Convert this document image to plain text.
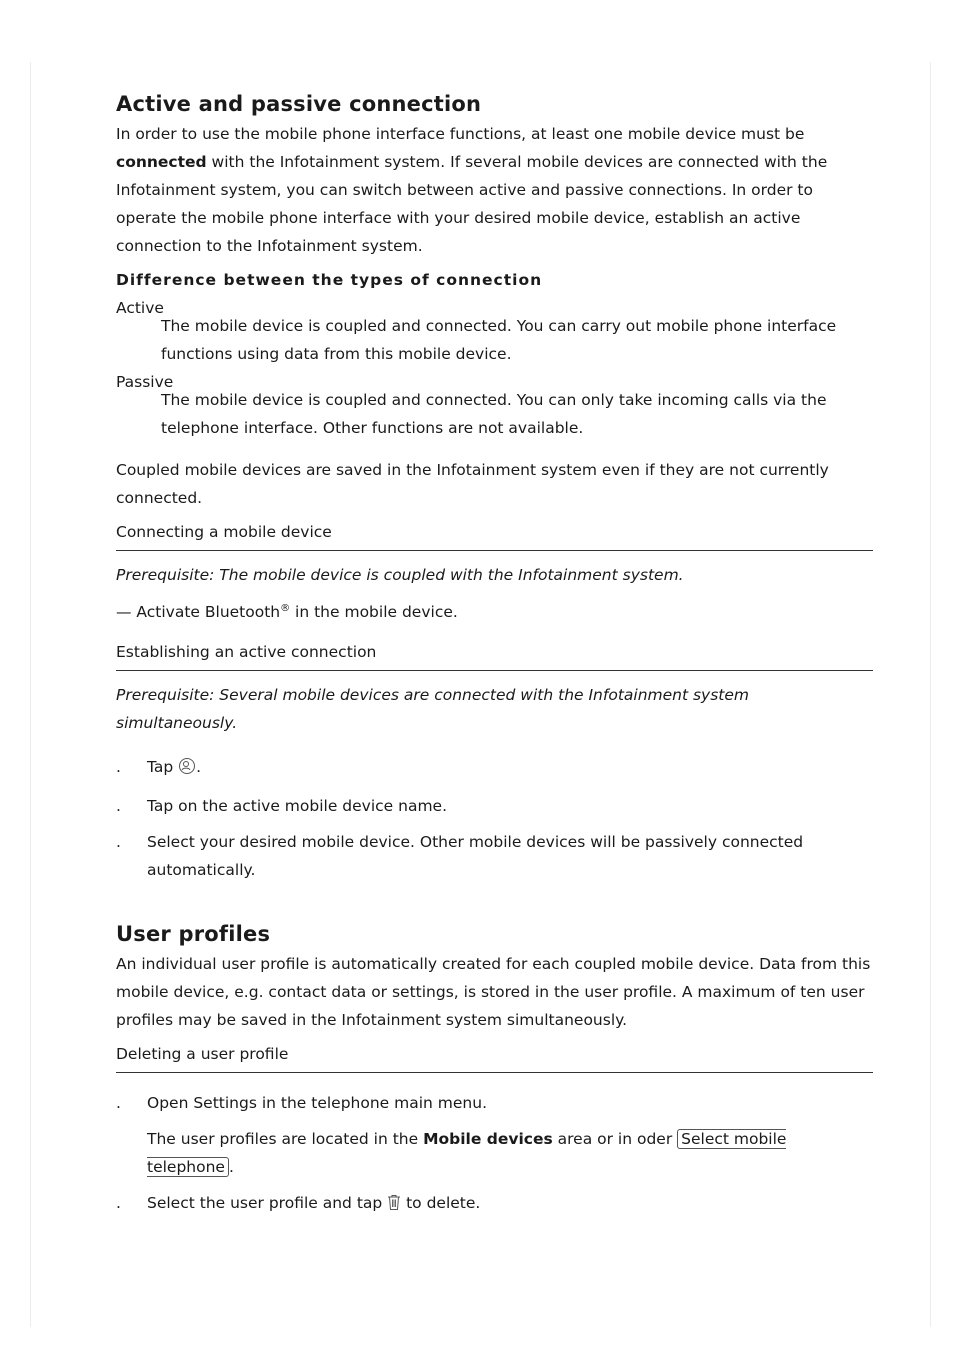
Active and passive connection

In order to use the mobile phone interface functions, at least one mobile device must be connected with the Infotainment system. If several mobile devices are connected with the Infotainment system, you can switch between active and passive connections. In order to operate the mobile phone interface with your desired mobile device, establish an active connection to the Infotainment system.

Difference between the types of connection
Active
The mobile device is coupled and connected. You can carry out mobile phone interface functions using data from this mobile device.
Passive
The mobile device is coupled and connected. You can only take incoming calls via the telephone interface. Other functions are not available.

Coupled mobile devices are saved in the Infotainment system even if they are not currently connected.

Connecting a mobile device

Prerequisite: The mobile device is coupled with the Infotainment system.

— Activate Bluetooth® in the mobile device.

Establishing an active connection

Prerequisite: Several mobile devices are connected with the Infotainment system simultaneously.

. Tap .
. Tap on the active mobile device name.
. Select your desired mobile device. Other mobile devices will be passively connected automatically.
User profiles

An individual user profile is automatically created for each coupled mobile device. Data from this mobile device, e.g. contact data or settings, is stored in the user profile. A maximum of ten user profiles may be saved in the Infotainment system simultaneously.

Deleting a user profile
. Open Settings in the telephone main menu.

The user profiles are located in the Mobile devices area or in oder Select mobile telephone .

. Select the user profile and tap  to delete.
